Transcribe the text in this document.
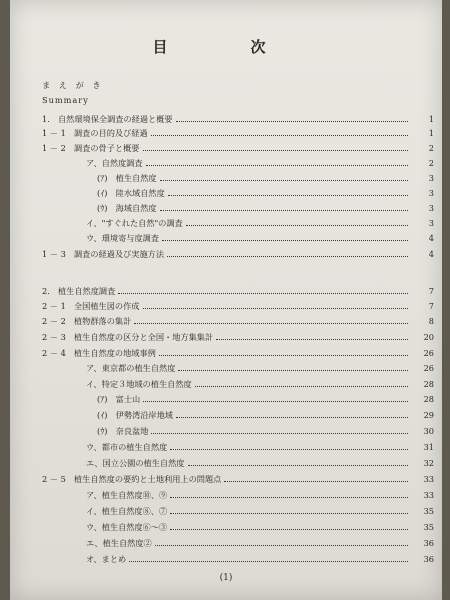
目　次
ま え が き
Summary
1.　自然環境保全調査の経過と概要	1
1 － 1　調査の目的及び経過	1
1 － 2　調査の骨子と概要	2
ア、自然度調査	2
(ｱ)　植生自然度	3
(ｲ)　陸水域自然度	3
(ｳ)　海域自然度	3
イ、"すぐれた自然"の調査	3
ウ、環境寄与度調査	4
1 － 3　調査の経過及び実施方法	4
2.　植生自然度調査	7
2 － 1　全国植生図の作成	7
2 － 2　植物群落の集計	8
2 － 3　植生自然度の区分と全国・地方集集計	20
2 － 4　植生自然度の地域事例	26
ア、東京都の植生自然度	26
イ、特定３地域の植生自然度	28
(ｱ)　富士山	28
(ｲ)　伊勢湾沿岸地域	29
(ｳ)　奈良盆地	30
ウ、都市の植生自然度	31
エ、国立公園の植生自然度	32
2 － 5　植生自然度の要約と土地利用上の問題点	33
ア、植生自然度⑩、⑨	33
イ、植生自然度⑧、⑦	35
ウ、植生自然度⑥～③	35
エ、植生自然度②	36
オ、まとめ	36
(1)
